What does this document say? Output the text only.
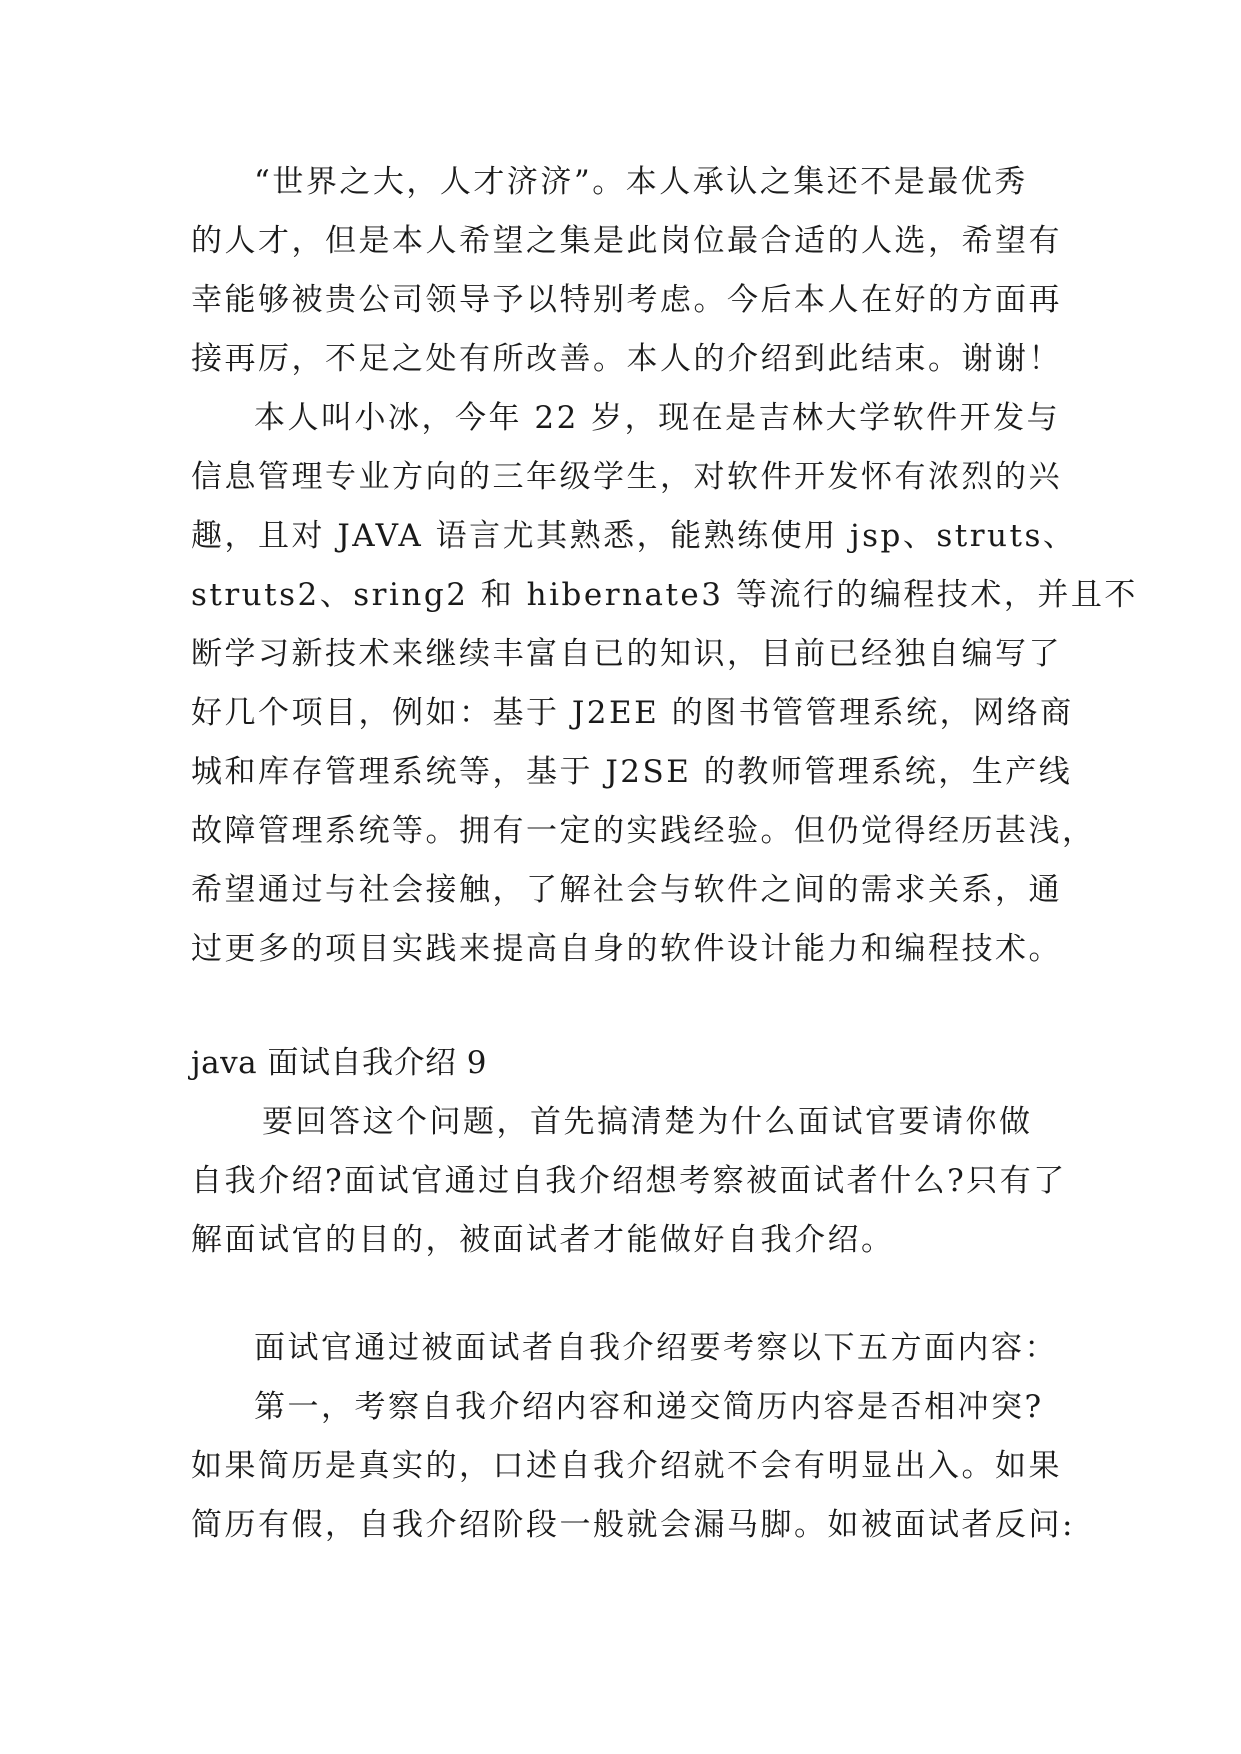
“世界之大，人才济济”。本人承认之集还不是最优秀
的人才，但是本人希望之集是此岗位最合适的人选，希望有
幸能够被贵公司领导予以特别考虑。今后本人在好的方面再
接再厉，不足之处有所改善。本人的介绍到此结束。谢谢！
本人叫小冰，今年 22 岁，现在是吉林大学软件开发与
信息管理专业方向的三年级学生，对软件开发怀有浓烈的兴
趣，且对 JAVA 语言尤其熟悉，能熟练使用 jsp、struts、
struts2、sring2 和 hibernate3 等流行的编程技术，并且不
断学习新技术来继续丰富自已的知识，目前已经独自编写了
好几个项目，例如：基于 J2EE 的图书管管理系统，网络商
城和库存管理系统等，基于 J2SE 的教师管理系统，生产线
故障管理系统等。拥有一定的实践经验。但仍觉得经历甚浅，
希望通过与社会接触，了解社会与软件之间的需求关系，通
过更多的项目实践来提高自身的软件设计能力和编程技术。
java 面试自我介绍 9
要回答这个问题，首先搞清楚为什么面试官要请你做
自我介绍?面试官通过自我介绍想考察被面试者什么?只有了
解面试官的目的，被面试者才能做好自我介绍。
面试官通过被面试者自我介绍要考察以下五方面内容：
第一，考察自我介绍内容和递交简历内容是否相冲突?
如果简历是真实的，口述自我介绍就不会有明显出入。如果
简历有假，自我介绍阶段一般就会漏马脚。如被面试者反问:
